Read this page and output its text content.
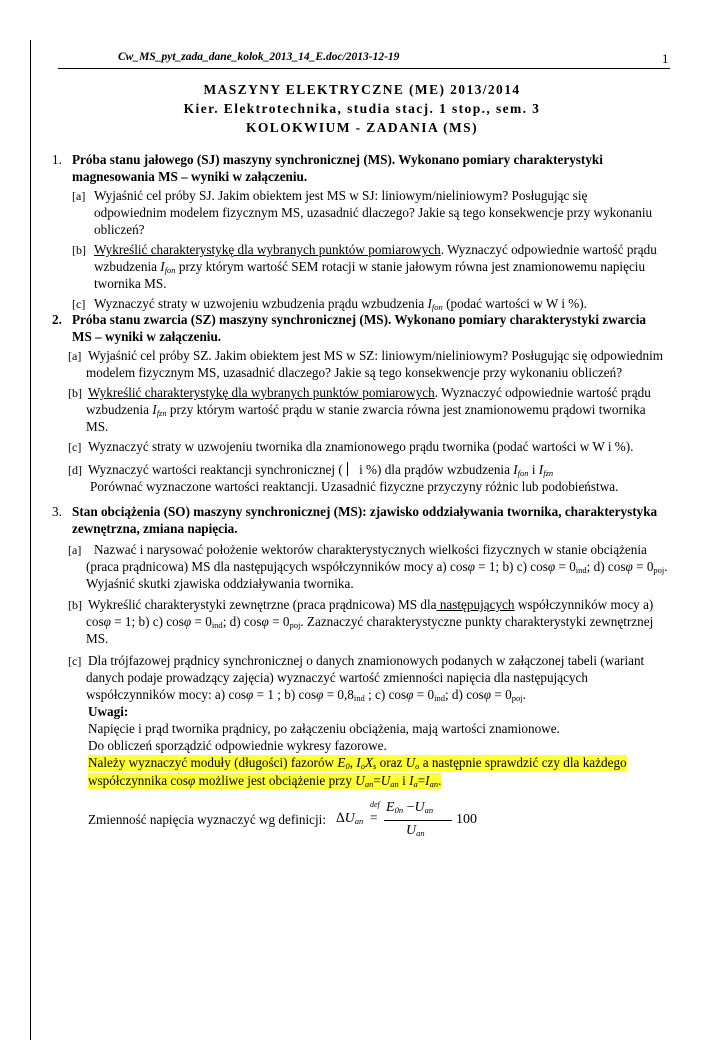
Cw_MS_pyt_zada_dane_kolok_2013_14_E.doc/2013-12-19	1
MASZYNY ELEKTRYCZNE (ME) 2013/2014
Kier. Elektrotechnika, studia stacj. 1 stop., sem. 3
KOLOKWIUM - ZADANIA (MS)
1. Próba stanu jałowego (SJ) maszyny synchronicznej (MS). Wykonano pomiary charakterystyki
magnesowania MS – wyniki w załączeniu.
[a] Wyjaśnić cel próby SJ. Jakim obiektem jest MS w SJ: liniowym/nieliniowym? Posługując się
odpowiednim modelem fizycznym MS, uzasadnić dlaczego? Jakie są tego konsekwencje przy wykonaniu
obliczeń?
[b] Wykreślić charakterystykę dla wybranych punktów pomiarowych. Wyznaczyć odpowiednie wartość prądu
wzbudzenia $I_{fon}$ przy którym wartość SEM rotacji w stanie jałowym równa jest znamionowemu napięciu
twornika MS.
[c] Wyznaczyć straty w uzwojeniu wzbudzenia prądu wzbudzenia $I_{fon}$ (podać wartości w W i %).
2. Próba stanu zwarcia (SZ) maszyny synchronicznej (MS). Wykonano pomiary charakterystyki zwarcia
MS – wyniki w załączeniu.
[a] Wyjaśnić cel próby SZ. Jakim obiektem jest MS w SZ: liniowym/nieliniowym? Posługując się odpowiednim
modelem fizycznym MS, uzasadnić dlaczego? Jakie są tego konsekwencje przy wykonaniu obliczeń?
[b] Wykreślić charakterystykę dla wybranych punktów pomiarowych. Wyznaczyć odpowiednie wartość prądu
wzbudzenia $I_{fzn}$ przy którym wartość prądu w stanie zwarcia równa jest znamionowemu prądowi twornika
MS.
[c] Wyznaczyć straty w uzwojeniu twornika dla znamionowego prądu twornika (podać wartości w W i %).
[d] Wyznaczyć wartości reaktancji synchronicznej ( i %) dla prądów wzbudzenia $I_{fon}$ i $I_{fzn}$
Porównać wyznaczone wartości reaktancji. Uzasadnić fizyczne przyczyny różnic lub podobieństwa.
3. Stan obciążenia (SO) maszyny synchronicznej (MS): zjawisko oddziaływania twornika, charakterystyka
zewnętrzna, zmiana napięcia.
[a] Nazwać i narysować położenie wektorów charakterystycznych wielkości fizycznych w stanie obciążenia
(praca prądnicowa) MS dla następujących współczynników mocy a) cosφ = 1; b) c) $\cos\varphi = 0_{ind}$; d) $\cos\varphi = 0_{poj}$.
Wyjaśnić skutki zjawiska oddziaływania twornika.
[b] Wykreślić charakterystyki zewnętrzne (praca prądnicowa) MS dla następujących współczynników mocy a)
cosφ = 1; b) c) $\cos\varphi = 0_{ind}$; d) $\cos\varphi = 0_{poj}$. Zaznaczyć charakterystyczne punkty charakterystyki zewnętrznej
MS.
[c] Dla trójfazowej prądnicy synchronicznej o danych znamionowych podanych w załączonej tabeli (wariant
danych podaje prowadzący zajęcia) wyznaczyć wartość zmienności napięcia dla następujących
współczynników mocy: a) cosφ = 1 ; b) $\cos\varphi = 0,8_{ind}$ ; c) $\cos\varphi = 0_{ind}$; d) $\cos\varphi = 0_{poj}$.
Uwagi:
Napięcie i prąd twornika prądnicy, po załączeniu obciążenia, mają wartości znamionowe.
Do obliczeń sporządzić odpowiednie wykresy fazorowe.
Należy wyznaczyć moduły (długości) fazorów $E_0$, $I_oX_s$ oraz $U_o$ a następnie sprawdzić czy dla każdego
współczynnika cosφ możliwe jest obciążenie przy $U_{an}=U_{an}$ i $I_a=I_{an}$.
Zmienność napięcia wyznaczyć wg definicji: $\Delta U_{an}$
def
=
$E_{0n} -U_{an}$
$U_{an}$
100
